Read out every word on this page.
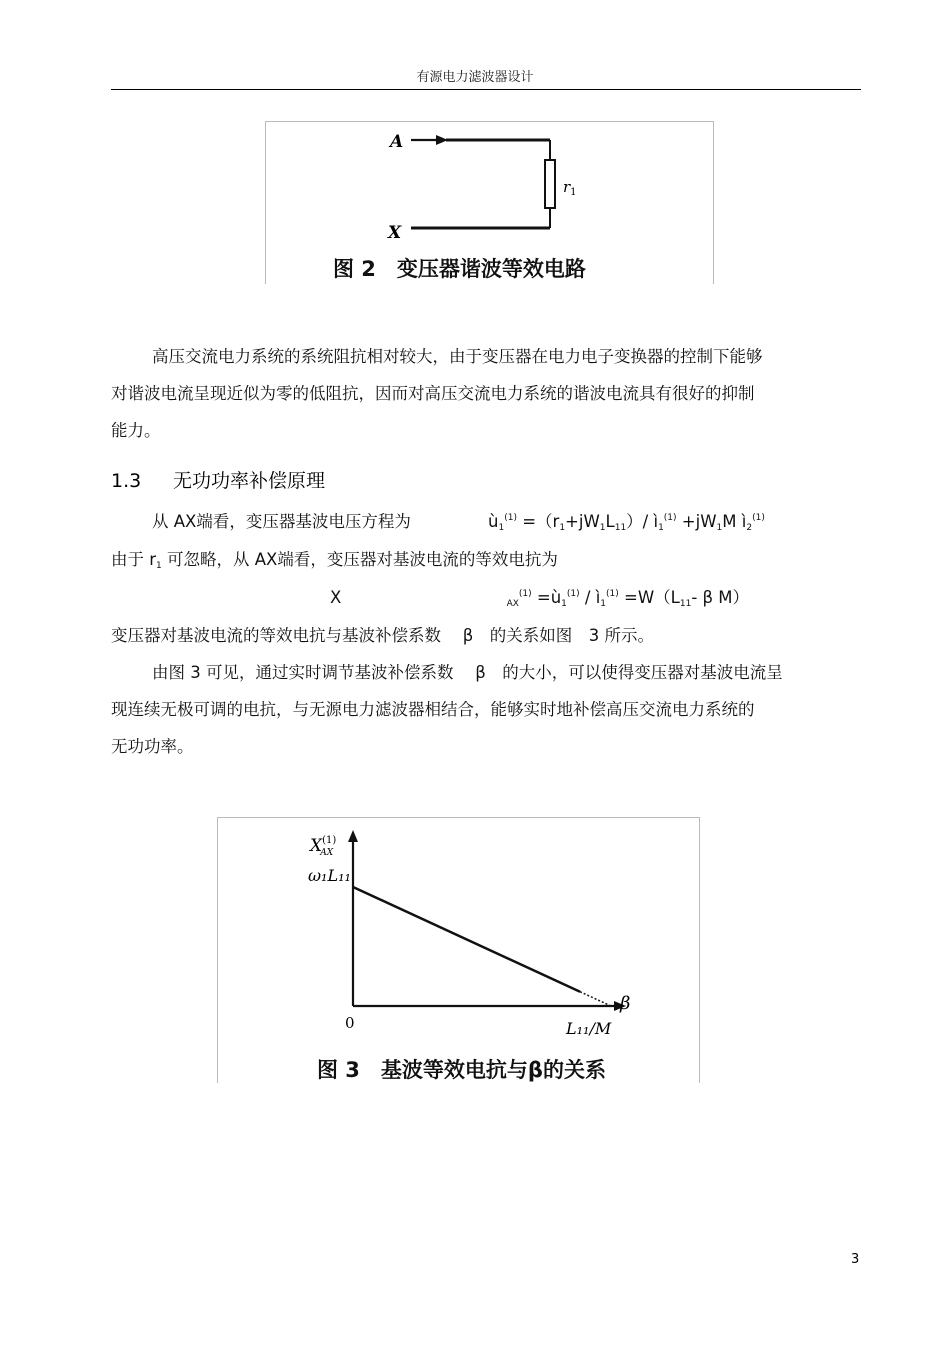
有源电力滤波器设计
A
$r_1$
X
图 2　变压器谐波等效电路
高压交流电力系统的系统阻抗相对较大，由于变压器在电力电子变换器的控制下能够
对谐波电流呈现近似为零的低阻抗，因而对高压交流电力系统的谐波电流具有很好的抑制
能力。
1.3 无功功率补偿原理
从 AX端看，变压器基波电压方程为	$ù1^{(1)} =(r1+jW1L11)/$ $ì1^{(1)} +jW1M$ ì2$^{(1)}$
由于 r1 可忽略，从 AX端看，变压器对基波电流的等效电抗为
X	$AX^{(1)}$ $=ù1^{(1)}$ / $ì1^{(1)} =W(L11-$ β M）
变压器对基波电流的等效电抗与基波补偿系数　 β　的关系如图　3 所示。
由图 3 可见，通过实时调节基波补偿系数　 β　的大小，可以使得变压器对基波电流呈
现连续无极可调的电抗，与无源电力滤波器相结合，能够实时地补偿高压交流电力系统的
无功功率。
$X^{(1)}$ AX
ω₁L₁₁
0
β
L₁₁/M
图 3　基波等效电抗与β的关系
3
